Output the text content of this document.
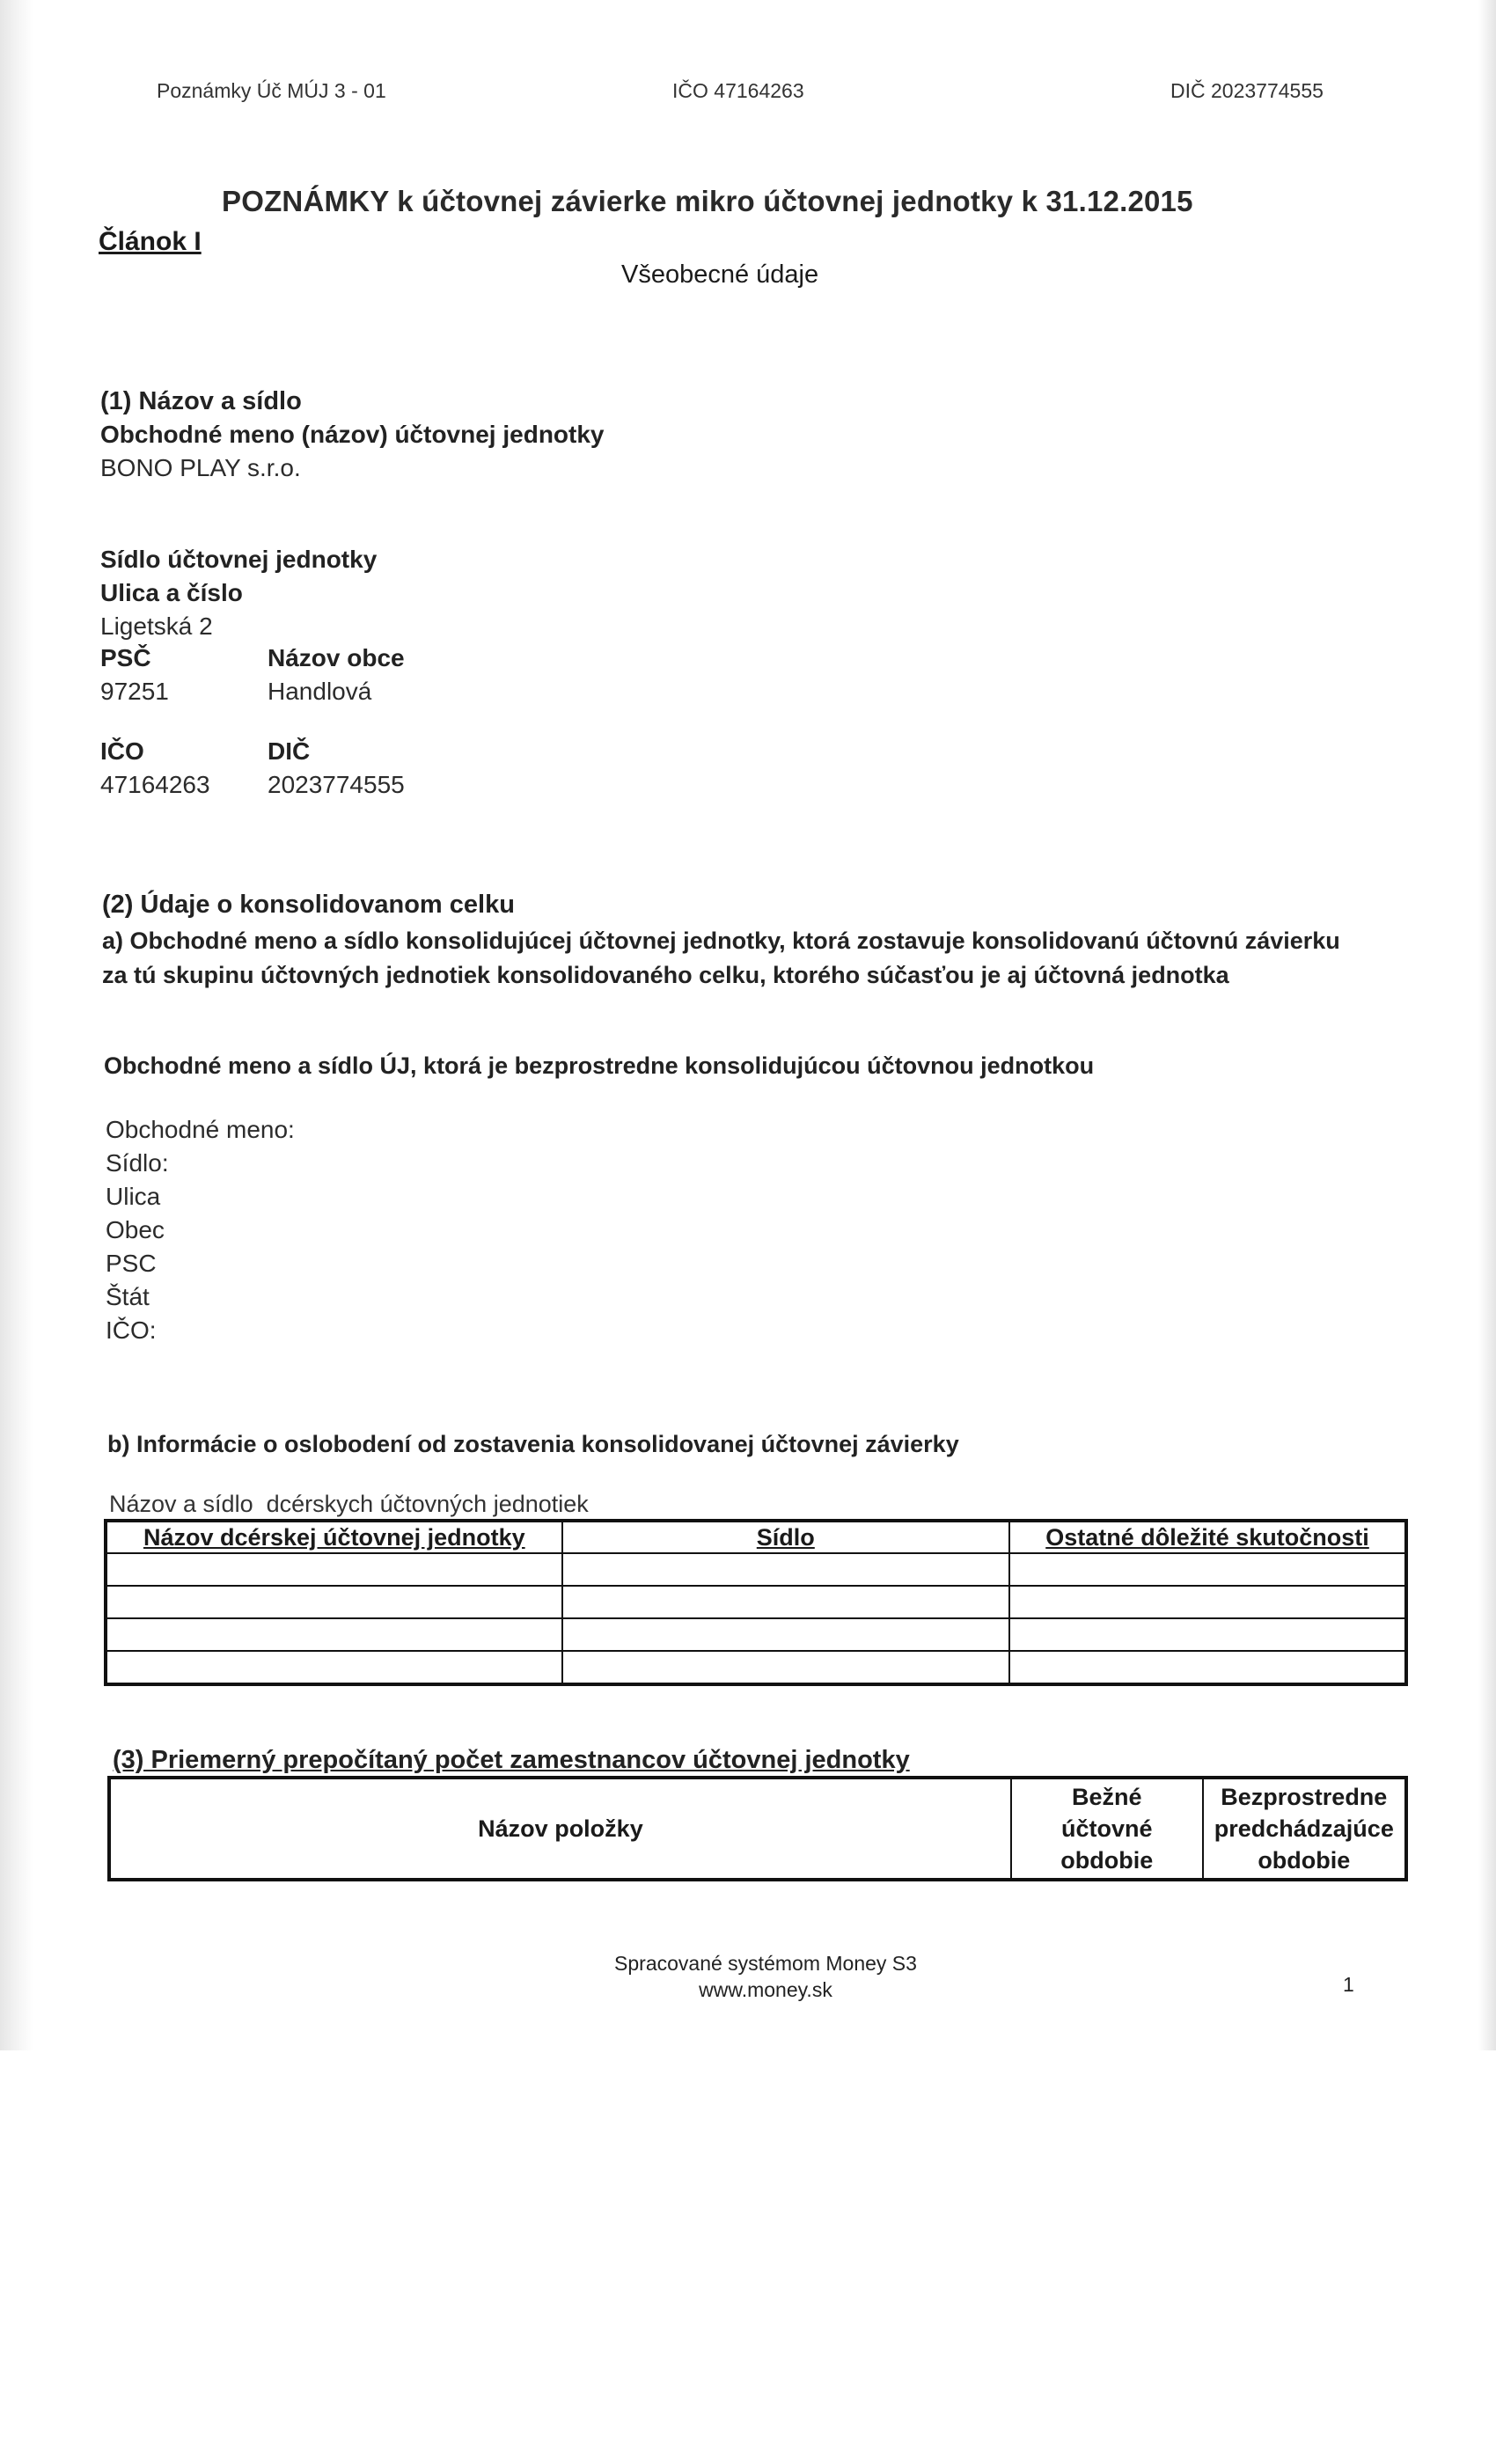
Poznámky Úč MÚJ 3 - 01	IČO 47164263	DIČ 2023774555
POZNÁMKY k účtovnej závierke mikro účtovnej jednotky k 31.12.2015
Článok I
Všeobecné údaje
(1) Názov a sídlo
Obchodné meno (názov) účtovnej jednotky
BONO PLAY s.r.o.
Sídlo účtovnej jednotky
Ulica a číslo
Ligetská 2
PSČ	Názov obce
97251	Handlová
IČO	DIČ
47164263 2023774555
(2) Údaje o konsolidovanom celku
a) Obchodné meno a sídlo konsolidujúcej účtovnej jednotky, ktorá zostavuje konsolidovanú účtovnú závierku za tú skupinu účtovných jednotiek konsolidovaného celku, ktorého súčasťou je aj účtovná jednotka
Obchodné meno a sídlo ÚJ, ktorá je bezprostredne konsolidujúcou účtovnou jednotkou
Obchodné meno:
Sídlo:
Ulica
Obec
PSC
Štát
IČO:
b) Informácie o oslobodení od zostavenia konsolidovanej účtovnej závierky
Názov a sídlo  dcérskych účtovných jednotiek
Názov dcérskej účtovnej jednotky	Sídlo	Ostatné dôležité skutočnosti

(3) Priemerný prepočítaný počet zamestnancov účtovnej jednotky
Názov položky	Bežné účtovné obdobie	Bezprostredne predchádzajúce obdobie
Spracované systémom Money S3
www.money.sk	1
